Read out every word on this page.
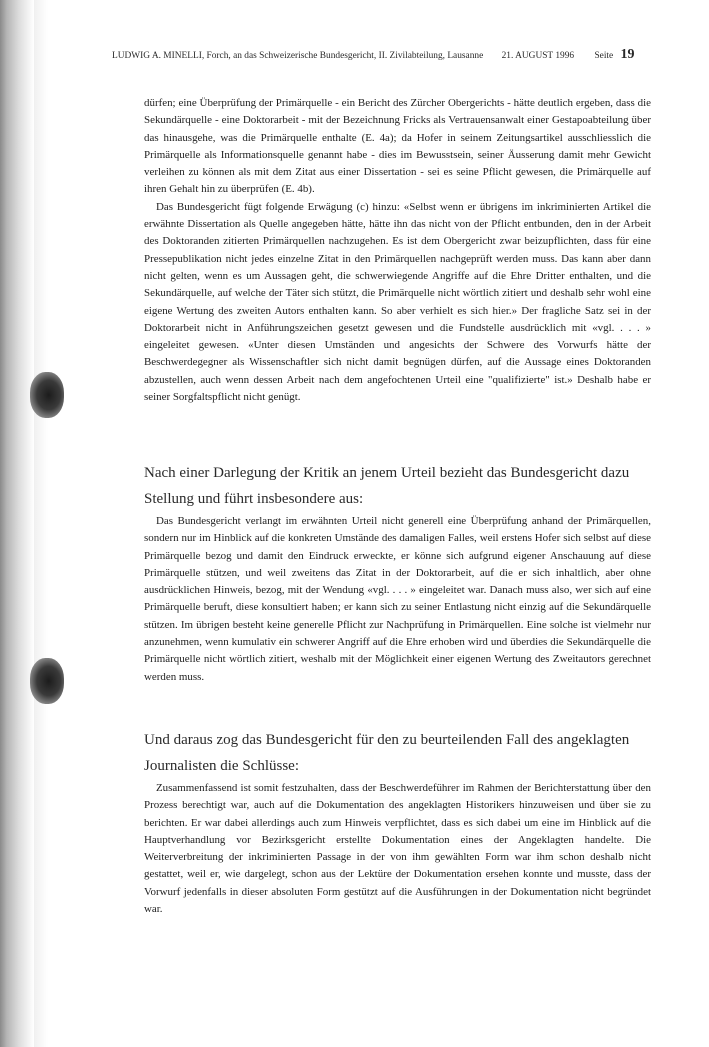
LUDWIG A. MINELLI, Forch, an das Schweizerische Bundesgericht, II. Zivilabteilung, Lausanne 21. AUGUST 1996 Seite 19

dürfen; eine Überprüfung der Primärquelle - ein Bericht des Zürcher Obergerichts - hätte deutlich ergeben, dass die Sekundärquelle - eine Doktorarbeit - mit der Bezeichnung Fricks als Vertrauensanwalt einer Gestapoabteilung über das hinausgehe, was die Primärquelle enthalte (E. 4a); da Hofer in seinem Zeitungsartikel ausschliesslich die Primärquelle als Informationsquelle genannt habe - dies im Bewusstsein, seiner Äusserung damit mehr Gewicht verleihen zu können als mit dem Zitat aus einer Dissertation - sei es seine Pflicht gewesen, die Primärquelle auf ihren Gehalt hin zu überprüfen (E. 4b).

Das Bundesgericht fügt folgende Erwägung (c) hinzu: «Selbst wenn er übrigens im inkriminierten Artikel die erwähnte Dissertation als Quelle angegeben hätte, hätte ihn das nicht von der Pflicht entbunden, den in der Arbeit des Doktoranden zitierten Primärquellen nachzugehen. Es ist dem Obergericht zwar beizupflichten, dass für eine Pressepublikation nicht jedes einzelne Zitat in den Primärquellen nachgeprüft werden muss. Das kann aber dann nicht gelten, wenn es um Aussagen geht, die schwerwiegende Angriffe auf die Ehre Dritter enthalten, und die Sekundärquelle, auf welche der Täter sich stützt, die Primärquelle nicht wörtlich zitiert und deshalb sehr wohl eine eigene Wertung des zweiten Autors enthalten kann. So aber verhielt es sich hier.» Der fragliche Satz sei in der Doktorarbeit nicht in Anführungszeichen gesetzt gewesen und die Fundstelle ausdrücklich mit «vgl. . . . » eingeleitet gewesen. «Unter diesen Umständen und angesichts der Schwere des Vorwurfs hätte der Beschwerdegegner als Wissenschaftler sich nicht damit begnügen dürfen, auf die Aussage eines Doktoranden abzustellen, auch wenn dessen Arbeit nach dem angefochtenen Urteil eine "qualifizierte" ist.» Deshalb habe er seiner Sorgfaltspflicht nicht genügt.

Nach einer Darlegung der Kritik an jenem Urteil bezieht das Bundesgericht dazu Stellung und führt insbesondere aus:

Das Bundesgericht verlangt im erwähnten Urteil nicht generell eine Überprüfung anhand der Primärquellen, sondern nur im Hinblick auf die konkreten Umstände des damaligen Falles, weil erstens Hofer sich selbst auf diese Primärquelle bezog und damit den Eindruck erweckte, er könne sich aufgrund eigener Anschauung auf diese Primärquelle stützen, und weil zweitens das Zitat in der Doktorarbeit, auf die er sich inhaltlich, aber ohne ausdrücklichen Hinweis, bezog, mit der Wendung «vgl. . . . » eingeleitet war. Danach muss also, wer sich auf eine Primärquelle beruft, diese konsultiert haben; er kann sich zu seiner Entlastung nicht einzig auf die Sekundärquelle stützen. Im übrigen besteht keine generelle Pflicht zur Nachprüfung in Primärquellen. Eine solche ist vielmehr nur anzunehmen, wenn kumulativ ein schwerer Angriff auf die Ehre erhoben wird und überdies die Sekundärquelle die Primärquelle nicht wörtlich zitiert, weshalb mit der Möglichkeit einer eigenen Wertung des Zweitautors gerechnet werden muss.

Und daraus zog das Bundesgericht für den zu beurteilenden Fall des angeklagten Journalisten die Schlüsse:

Zusammenfassend ist somit festzuhalten, dass der Beschwerdeführer im Rahmen der Berichterstattung über den Prozess berechtigt war, auch auf die Dokumentation des angeklagten Historikers hinzuweisen und über sie zu berichten. Er war dabei allerdings auch zum Hinweis verpflichtet, dass es sich dabei um eine im Hinblick auf die Hauptverhandlung vor Bezirksgericht erstellte Dokumentation eines der Angeklagten handelte. Die Weiterverbreitung der inkriminierten Passage in der von ihm gewählten Form war ihm schon deshalb nicht gestattet, weil er, wie dargelegt, schon aus der Lektüre der Dokumentation ersehen konnte und musste, dass der Vorwurf jedenfalls in dieser absoluten Form gestützt auf die Ausführungen in der Dokumentation nicht begründet war.
